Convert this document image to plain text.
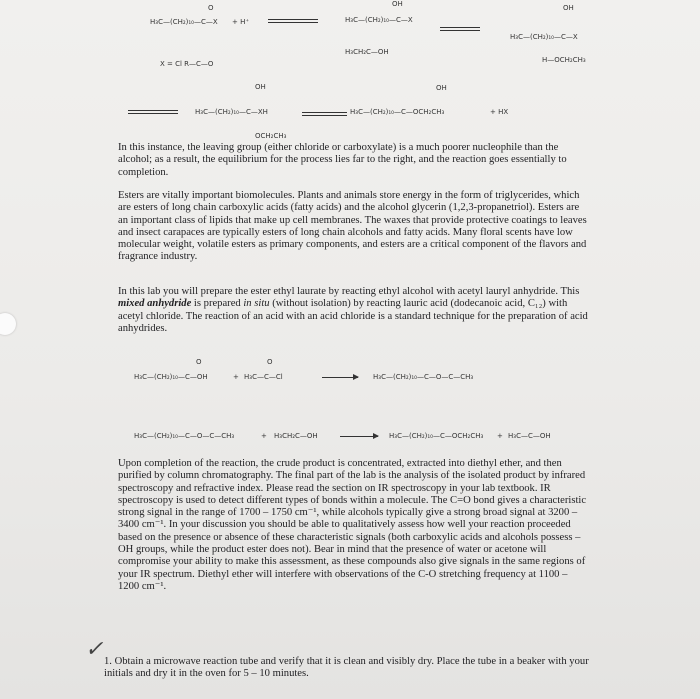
H₃C—(CH₂)₁₀—C—X
O
+ H⁺	H₃C—(CH₂)₁₀—C—X
OH
H₃CH₂C—OH
H₃C—(CH₂)₁₀—C—X
OH
H—OCH₂CH₃
X = Cl R—C—O
H₃C—(CH₂)₁₀—C—XH
OH
OCH₂CH₃
H₃C—(CH₂)₁₀—C—OCH₂CH₃
OH
+ HX

In this instance, the leaving group (either chloride or carboxylate) is a much poorer nucleophile than the alcohol; as a result, the equilibrium for the process lies far to the right, and the reaction goes essentially to completion.

Esters are vitally important biomolecules. Plants and animals store energy in the form of triglycerides, which are esters of long chain carboxylic acids (fatty acids) and the alcohol glycerin (1,2,3-propanetriol). Esters are an important class of lipids that make up cell membranes. The waxes that provide protective coatings to leaves and insect carapaces are typically esters of long chain alcohols and fatty acids. Many floral scents have low molecular weight, volatile esters as primary components, and esters are a critical component of the flavors and fragrance industry.

In this lab you will prepare the ester ethyl laurate by reacting ethyl alcohol with acetyl lauryl anhydride. This mixed anhydride is prepared in situ (without isolation) by reacting lauric acid (dodecanoic acid, C₁₂) with acetyl chloride. The reaction of an acid with an acid chloride is a standard technique for the preparation of acid anhydrides.

H₃C—(CH₂)₁₀—C—OH
O
+ H₃C—C—Cl
O
→ H₃C—(CH₂)₁₀—C—O—C—CH₃
H₃C—(CH₂)₁₀—C—O—C—CH₃	+ H₃CH₂C—OH → H₃C—(CH₂)₁₀—C—OCH₂CH₃ + H₃C—C—OH

Upon completion of the reaction, the crude product is concentrated, extracted into diethyl ether, and then purified by column chromatography. The final part of the lab is the analysis of the isolated product by infrared spectroscopy and refractive index. Please read the section on IR spectroscopy in your lab textbook. IR spectroscopy is used to detect different types of bonds within a molecule. The C=O bond gives a characteristic strong signal in the range of 1700 – 1750 cm⁻¹, while alcohols typically give a strong broad signal at 3200 – 3400 cm⁻¹. In your discussion you should be able to qualitatively assess how well your reaction proceeded based on the presence or absence of these characteristic signals (both carboxylic acids and alcohols possess –OH groups, while the product ester does not). Bear in mind that the presence of water or acetone will compromise your ability to make this assessment, as these compounds also give signals in the same regions of your IR spectrum. Diethyl ether will interfere with observations of the C-O stretching frequency at 1100 – 1200 cm⁻¹.

✓

1. Obtain a microwave reaction tube and verify that it is clean and visibly dry. Place the tube in a beaker with your initials and dry it in the oven for 5 – 10 minutes.
